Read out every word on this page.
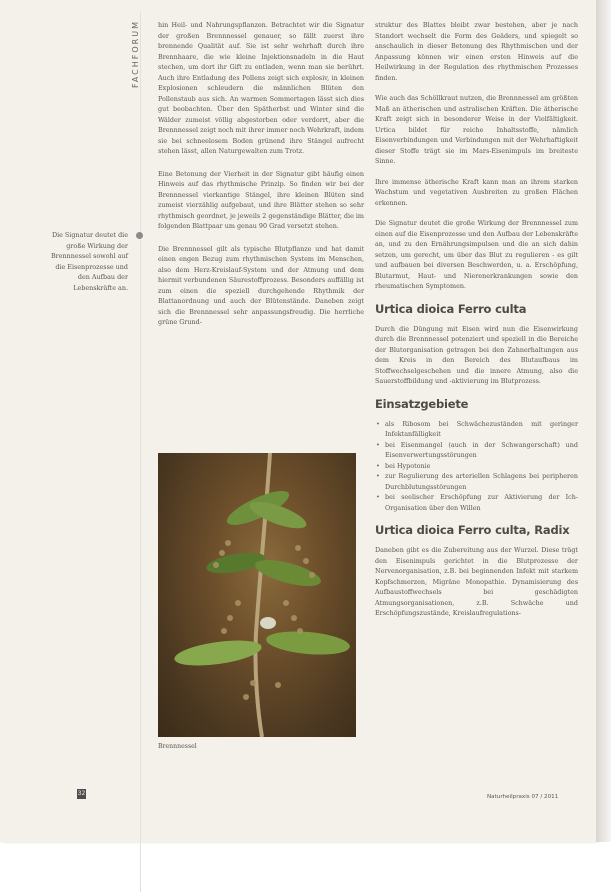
FACHFORUM
Die Signatur deutet die große Wirkung der Brennnessel sowohl auf die Eisenprozesse und den Aufbau der Lebenskräfte an.

hin Heil- und Nahrungspflanzen. Betrachtet wir die Signatur der großen Brennnessel genauer, so fällt zuerst ihre brennende Qualität auf. Sie ist sehr wehrhaft durch ihre Brennhaare, die wie kleine Injektionsnadeln in die Haut stechen, um dort ihr Gift zu entladen, wenn man sie berührt. Auch ihre Entladung des Pollens zeigt sich explosiv, in kleinen Explosionen schleudern die männlichen Blüten den Pollenstaub aus sich. An warmen Sommertagen lässt sich dies gut beobachten. Über den Spätherbst und Winter sind die Wälder zumeist völlig abgestorben oder verdorrt, aber die Brennnessel zeigt noch mit ihrer immer noch Wehrkraft, indem sie bei schneelosem Boden grünend ihre Stängel aufrecht stehen lässt, allen Naturgewalten zum Trotz.

Eine Betonung der Vierheit in der Signatur gibt häufig einen Hinweis auf das rhythmische Prinzip. So finden wir bei der Brennnessel vierkantige Stängel, ihre kleinen Blüten sind zumeist vierzählig aufgebaut, und ihre Blätter stehen so sehr rhythmisch geordnet, je jeweils 2 gegenständige Blätter, die im folgenden Blattpaar um genau 90 Grad versetzt stehen.

Die Brennnessel gilt als typische Blutpflanze und hat damit einen engen Bezug zum rhythmischen System im Menschen, also dem Herz-Kreislauf-System und der Atmung und dem hiermit verbundenen Säurestoffprozess. Besonders auffällig ist zum einen die speziell durchgehende Rhythmik der Blattanordnung und auch der Blütenstände. Daneben zeigt sich die Brennnessel sehr anpassungsfreudig. Die herrliche grüne Grund-

Brennnessel

struktur des Blattes bleibt zwar bestehen, aber je nach Standort wechselt die Form des Geäders, und spiegelt so anschaulich in dieser Betonung des Rhythmischen und der Anpassung können wir einen ersten Hinweis auf die Heilwirkung in der Regulation des rhythmischen Prozesses finden.

Wie auch das Schöllkraut nutzen, die Brennnessel am größten Maß an ätherischen und astralischen Kräften. Die ätherische Kraft zeigt sich in besonderer Weise in der Vielfältigkeit. Urtica bildet für reiche Inhaltsstoffe, nämlich Eisenverbindungen und Verbindungen mit der Wehrhaftigkeit dieser Stoffe trägt sie im Mars-Eisenimpuls im breiteste Sinne.

Ihre immense ätherische Kraft kann man an ihrem starken Wachstum und vegetativen Ausbreiten zu großen Flächen erkennen.

Die Signatur deutet die große Wirkung der Brennnessel zum einen auf die Eisenprozesse und den Aufbau der Lebenskräfte an, und zu den Ernährungsimpulsen und die an sich dahin setzen, um gerecht, um über das Blut zu regulieren - es gilt und aufbauen bei diversen Beschwerden, u. a. Erschöpfung, Blutarmut, Haut- und Nierenerkrankungen sowie den rheumatischen Symptomen.

Urtica dioica Ferro culta

Durch die Düngung mit Eisen wird nun die Eisenwirkung durch die Brennnessel potenziert und speziell in die Bereiche der Blutorganisation getragen bei den Zahnerhaltungen aus dem Kreis in den Bereich des Blutaufbaus im Stoffwechselgeschehen und die innere Atmung, also die Sauerstoffbildung und -aktivierung im Blutprozess.

Einsatzgebiete
• als Ribosom bei Schwächezuständen mit geringer Infektanfälligkeit
• bei Eisenmangel (auch in der Schwangerschaft) und Eisenverwertungsstörungen
• bei Hypotonie
• zur Regulierung des arteriellen Schlagens bei peripheren Durchblutungsstörungen
• bei seelischer Erschöpfung zur Aktivierung der Ich-Organisation über den Willen
Urtica dioica Ferro culta, Radix

Daneben gibt es die Zubereitung aus der Wurzel. Diese trägt den Eisenimpuls gerichtet in die Blutprozesse der Nervenorganisation, z.B. bei beginnenden Infekt mit starkem Kopfschmerzen, Migräne Monopathie. Dynamisierung des Aufbaustoffwechsels bei geschädigten Atmungsorganisationen, z.B. Schwäche und Erschöpfungszustände, Kreislaufregulations-

32	Naturheilpraxis 07 / 2011
